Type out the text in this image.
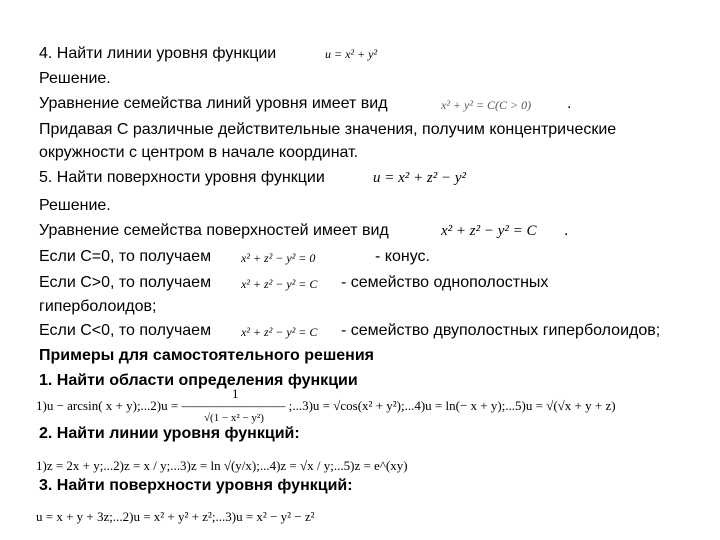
4. Найти линии уровня функции	u = x² + y²
Решение.
Уравнение семейства линий уровня имеет вид	x² + y² = C(C > 0) .
Придавая С различные действительные значения, получим концентрические
окружности с центром в начале координат.
5. Найти поверхности уровня функции	u = x² + z² − y²
Решение.
Уравнение семейства поверхностей имеет вид	x² + z² − y² = C .
Если С=0, то получаем	x² + z² − y² = 0	- конус.
Если С>0, то получаем	x² + z² − y² = C - семейство однополостных
гиперболоидов;
Если С<0, то получаем	x² + z² − y² = C - семейство двуполостных гиперболоидов;
Примеры для самостоятельного решения
1. Найти области определения функции
1
1)u − arcsin( x + y);...2)u = ———————— ;...3)u = √cos(x² + y²);...4)u = ln(− x + y);...5)u = √(√x + y + z)
√(1 − x² − y²)
2. Найти линии уровня функций:
1)z = 2x + y;...2)z = x / y;...3)z = ln √(y/x);...4)z = √x / y;...5)z = e^(xy)
3. Найти поверхности уровня функций:
u = x + y + 3z;...2)u = x² + y² + z²;...3)u = x² − y² − z²
